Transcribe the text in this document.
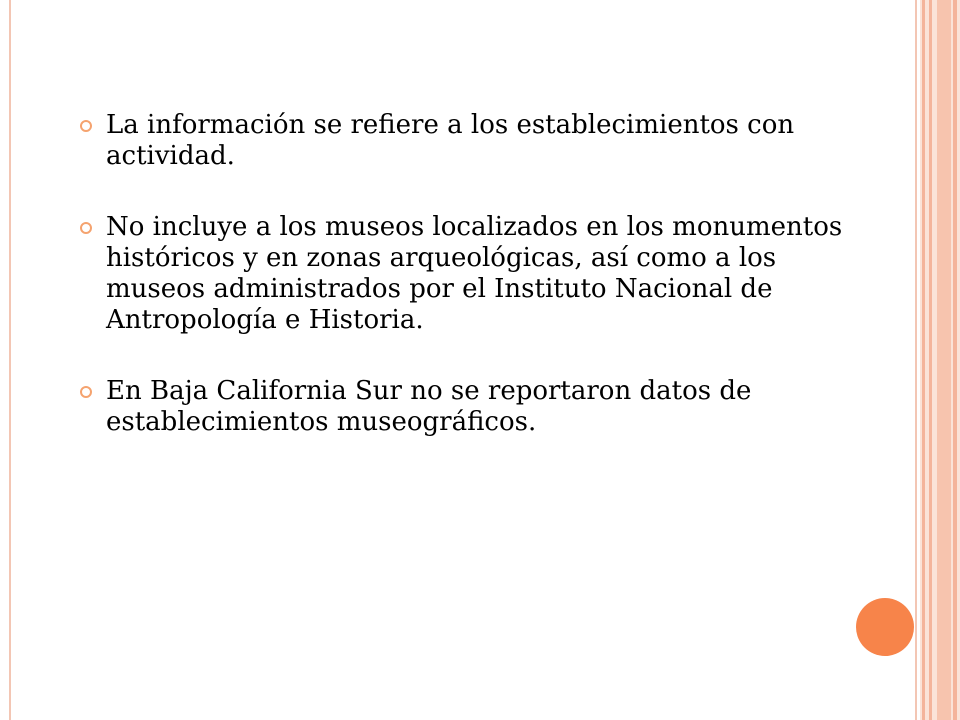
La información se refiere a los establecimientos con actividad.
No incluye a los museos localizados en los monumentos históricos y en zonas arqueológicas, así como a los museos administrados por el Instituto Nacional de Antropología e Historia.
En Baja California Sur no se reportaron datos de establecimientos museográficos.
